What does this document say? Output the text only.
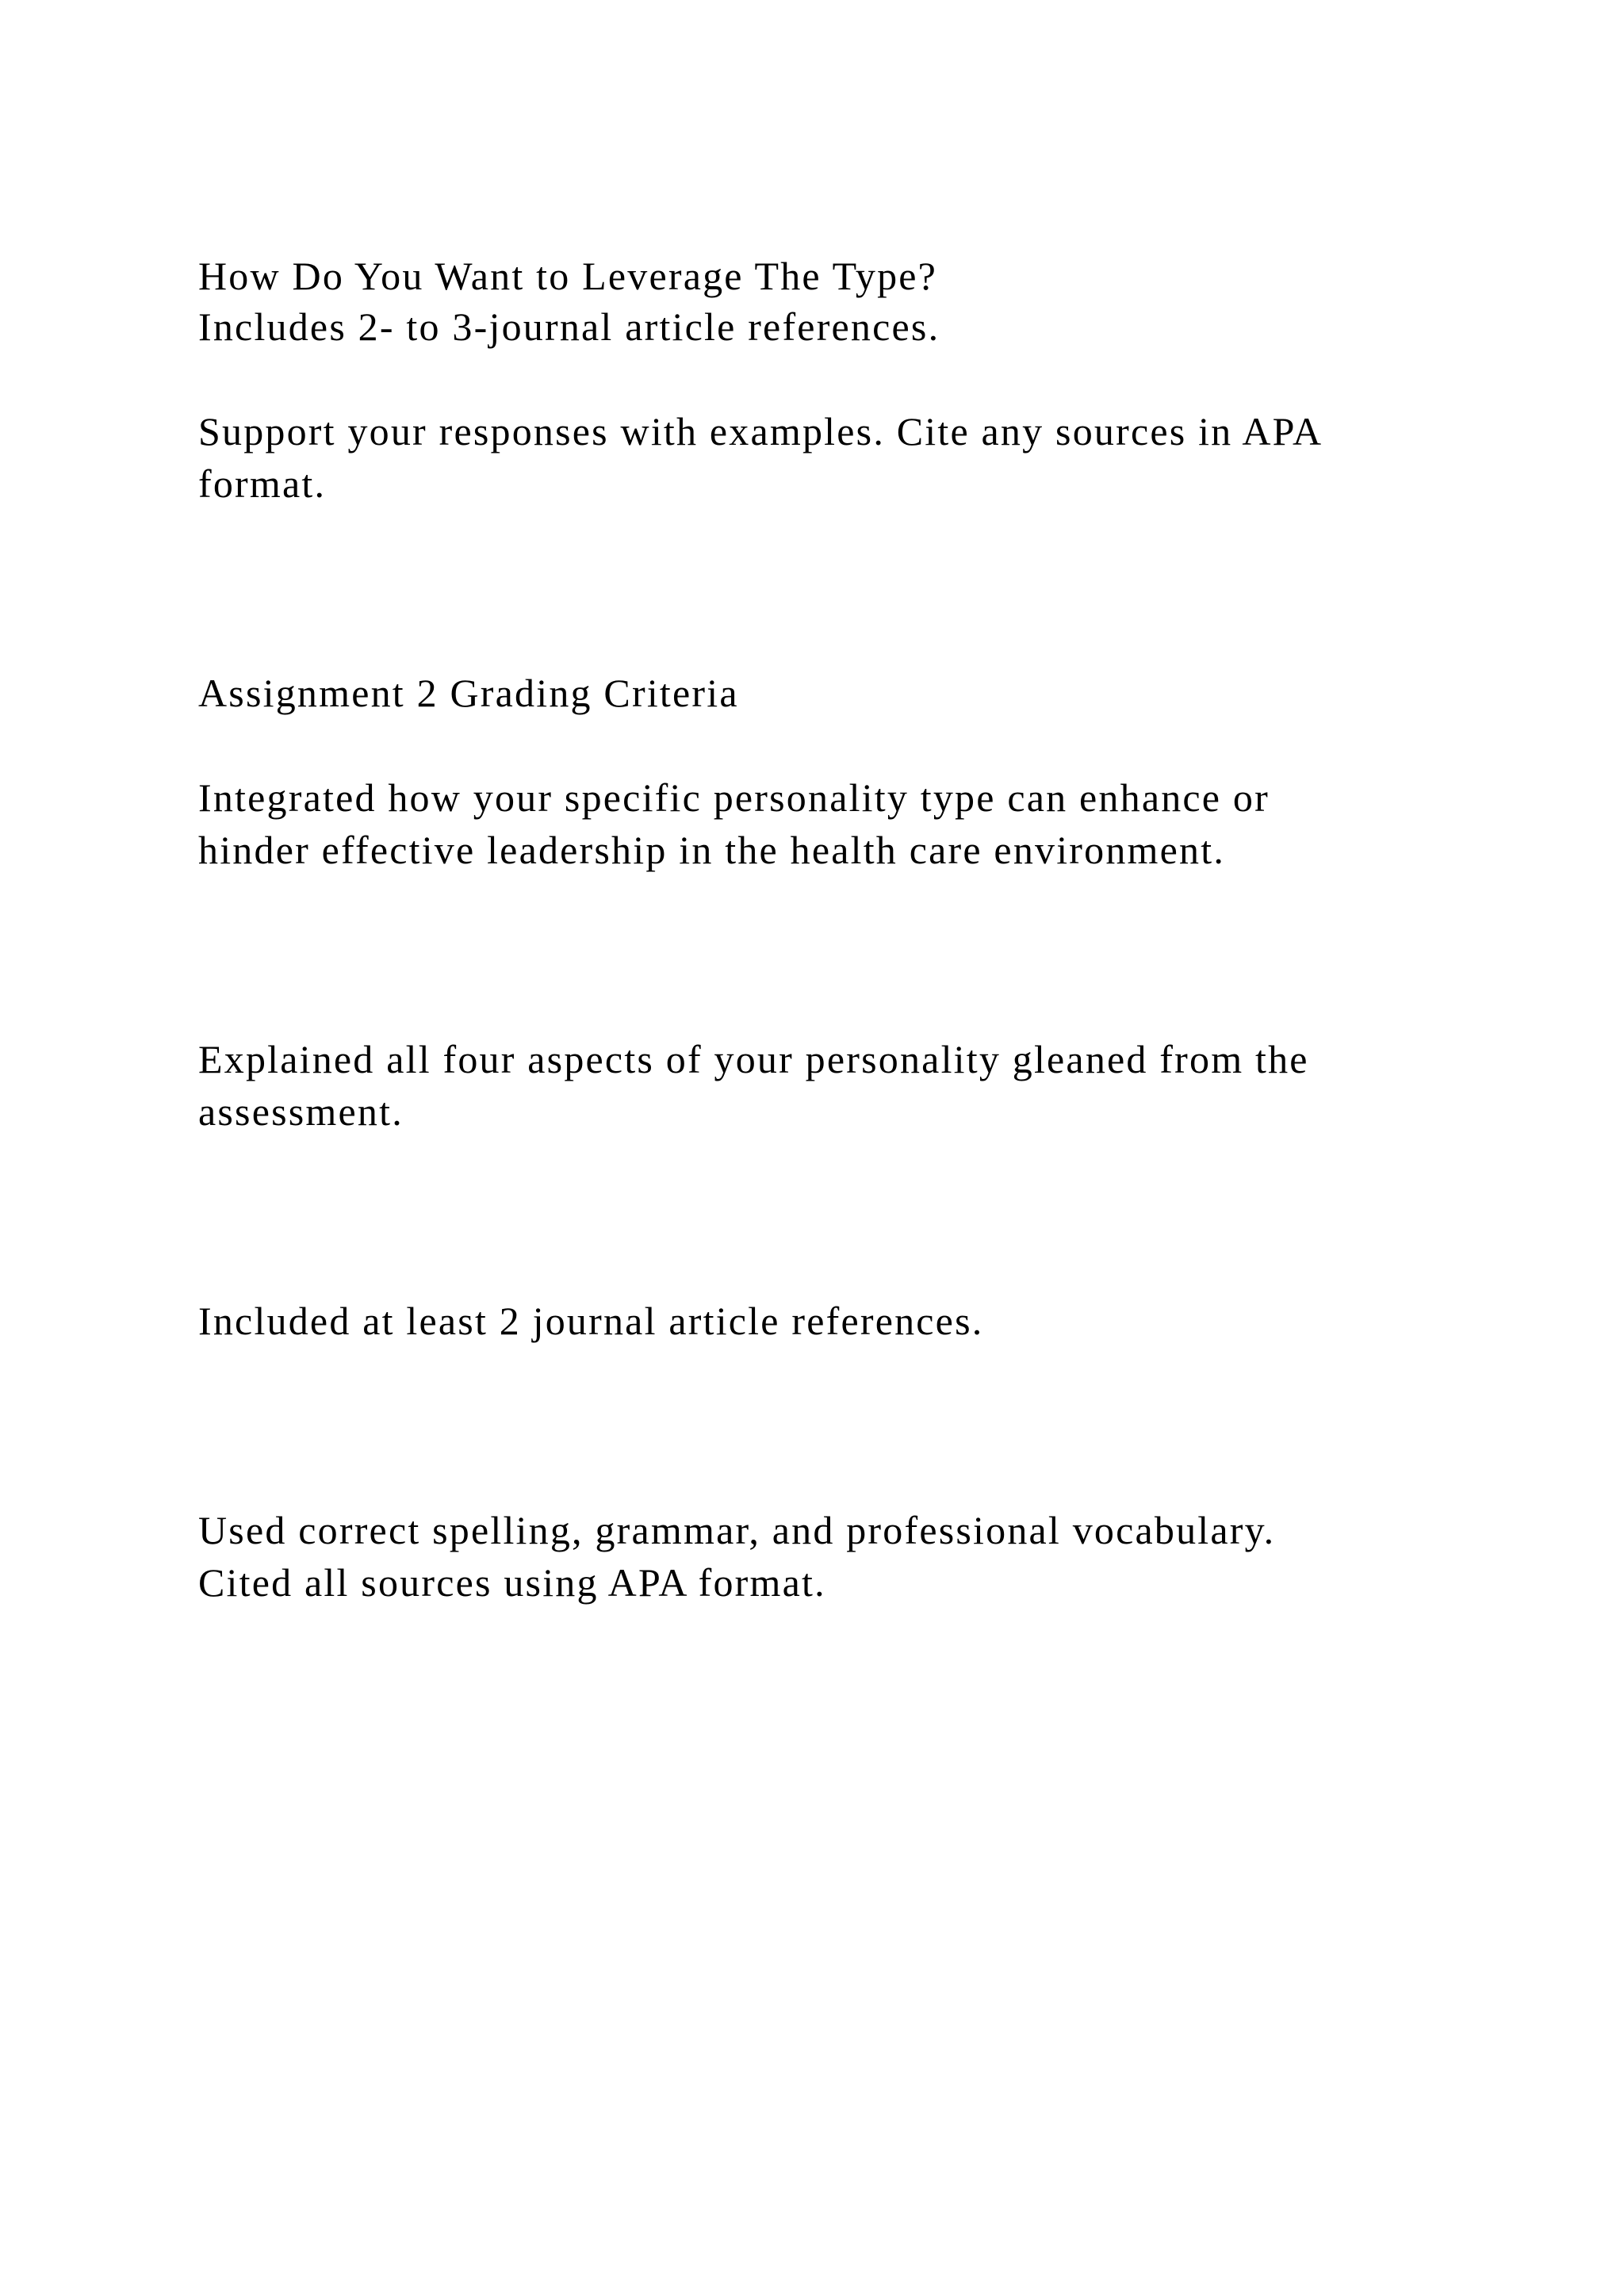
How Do You Want to Leverage The Type?

Includes 2- to 3-journal article references.

Support your responses with examples. Cite any sources in APA

format.

Assignment 2 Grading Criteria

Integrated how your specific personality type can enhance or

hinder effective leadership in the health care environment.

Explained all four aspects of your personality gleaned from the

assessment.

Included at least 2 journal article references.

Used correct spelling, grammar, and professional vocabulary.

Cited all sources using APA format.
